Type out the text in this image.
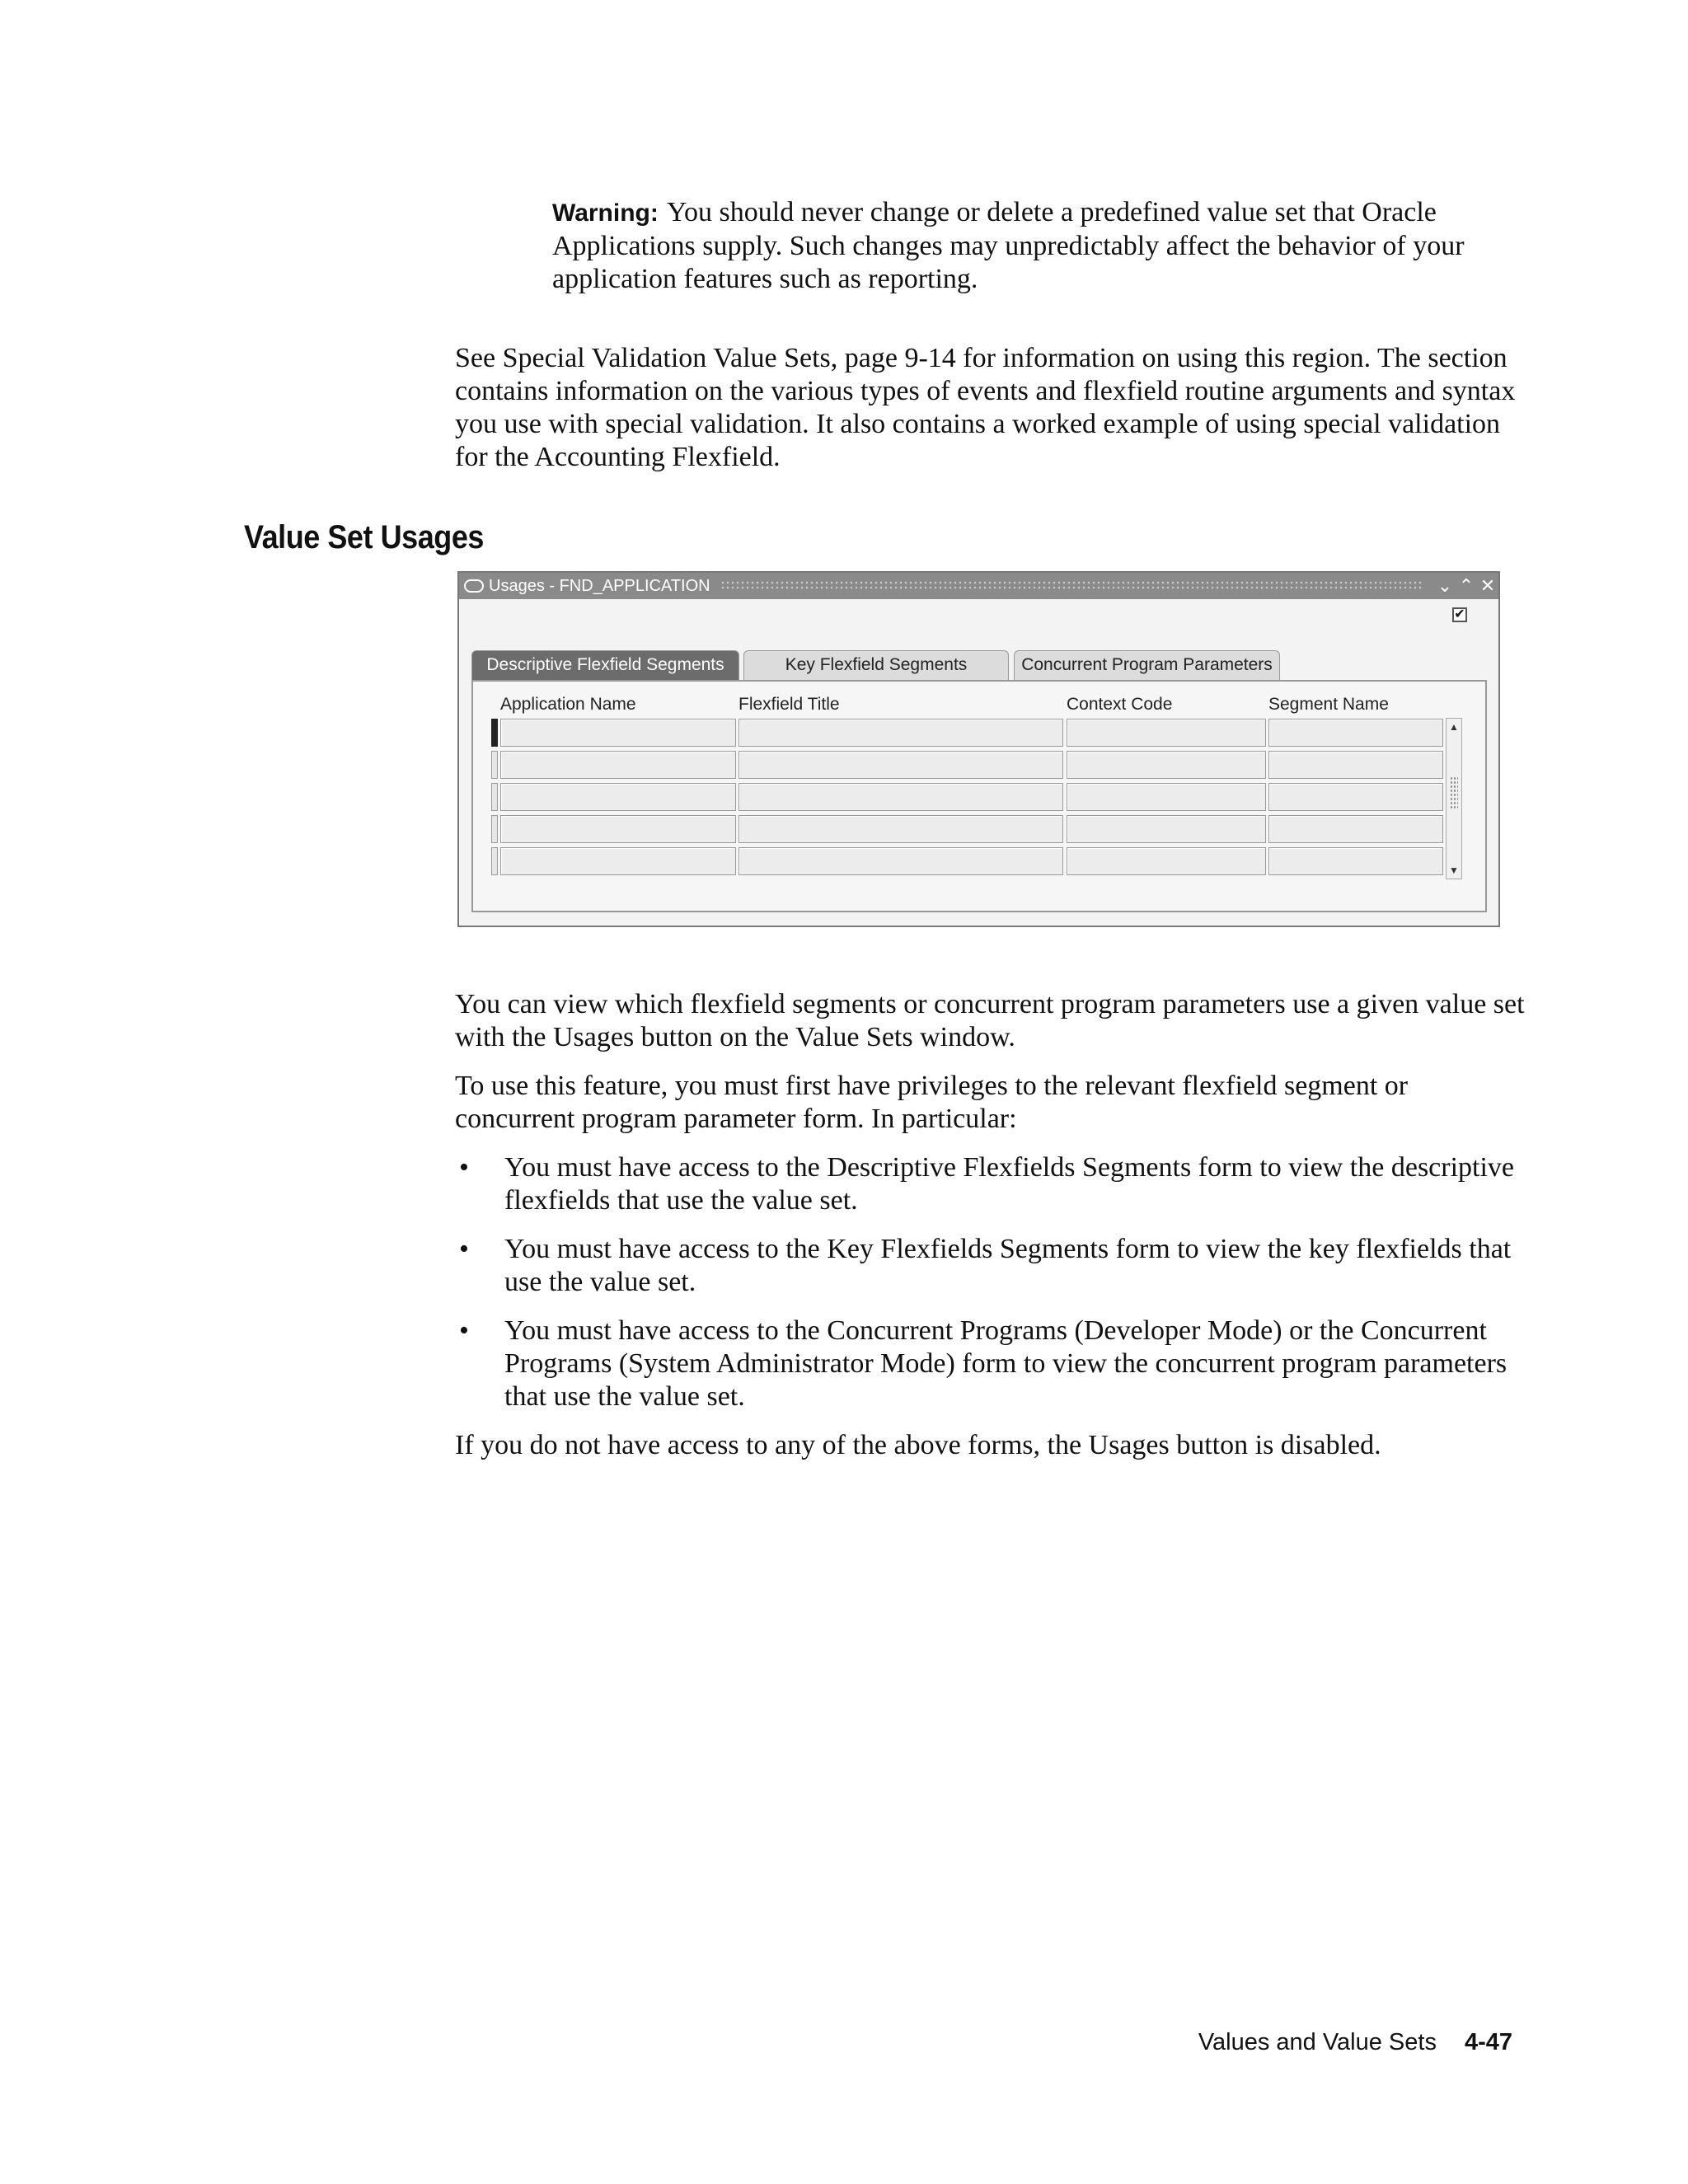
Warning: You should never change or delete a predefined value set that Oracle Applications supply. Such changes may unpredictably affect the behavior of your application features such as reporting.

See Special Validation Value Sets, page 9-14 for information on using this region. The section contains information on the various types of events and flexfield routine arguments and syntax you use with special validation. It also contains a worked example of using special validation for the Accounting Flexfield.

Value Set Usages
Usages - FND_APPLICATION	⌄ ⌃ ✕
✔
Descriptive Flexfield Segments	Key Flexfield Segments	Concurrent Program Parameters
Application Name	Flexfield Title	Context Code	Segment Name
▲
▼

You can view which flexfield segments or concurrent program parameters use a given value set with the Usages button on the Value Sets window.

To use this feature, you must first have privileges to the relevant flexfield segment or concurrent program parameter form. In particular:

• You must have access to the Descriptive Flexfields Segments form to view the descriptive flexfields that use the value set.
• You must have access to the Key Flexfields Segments form to view the key flexfields that use the value set.
• You must have access to the Concurrent Programs (Developer Mode) or the Concurrent Programs (System Administrator Mode) form to view the concurrent program parameters that use the value set.

If you do not have access to any of the above forms, the Usages button is disabled.

Values and Value Sets 4-47
